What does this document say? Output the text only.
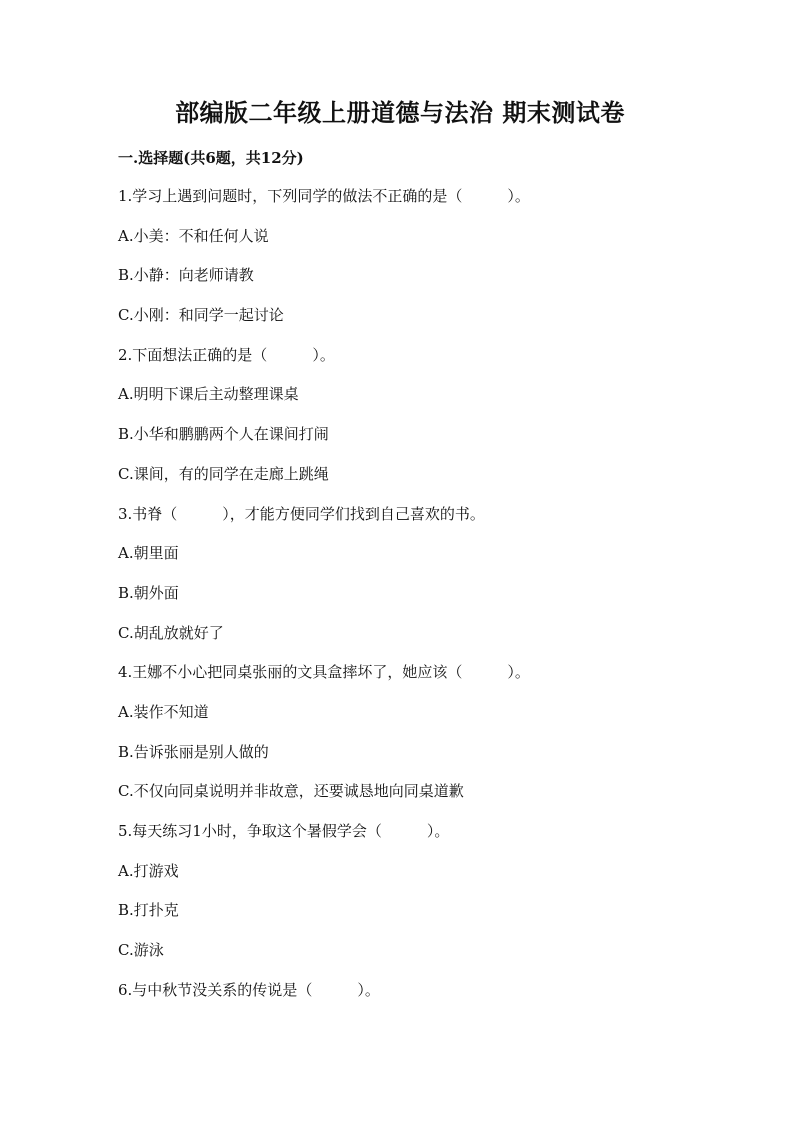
部编版二年级上册道德与法治 期末测试卷
一.选择题(共6题，共12分)
1.学习上遇到问题时，下列同学的做法不正确的是（　　　）。
A.小美：不和任何人说
B.小静：向老师请教
C.小刚：和同学一起讨论
2.下面想法正确的是（　　　）。
A.明明下课后主动整理课桌
B.小华和鹏鹏两个人在课间打闹
C.课间，有的同学在走廊上跳绳
3.书脊（　　　），才能方便同学们找到自己喜欢的书。
A.朝里面
B.朝外面
C.胡乱放就好了
4.王娜不小心把同桌张丽的文具盒摔坏了，她应该（　　　）。
A.装作不知道
B.告诉张丽是别人做的
C.不仅向同桌说明并非故意，还要诚恳地向同桌道歉
5.每天练习1小时，争取这个暑假学会（　　　）。
A.打游戏
B.打扑克
C.游泳
6.与中秋节没关系的传说是（　　　）。
